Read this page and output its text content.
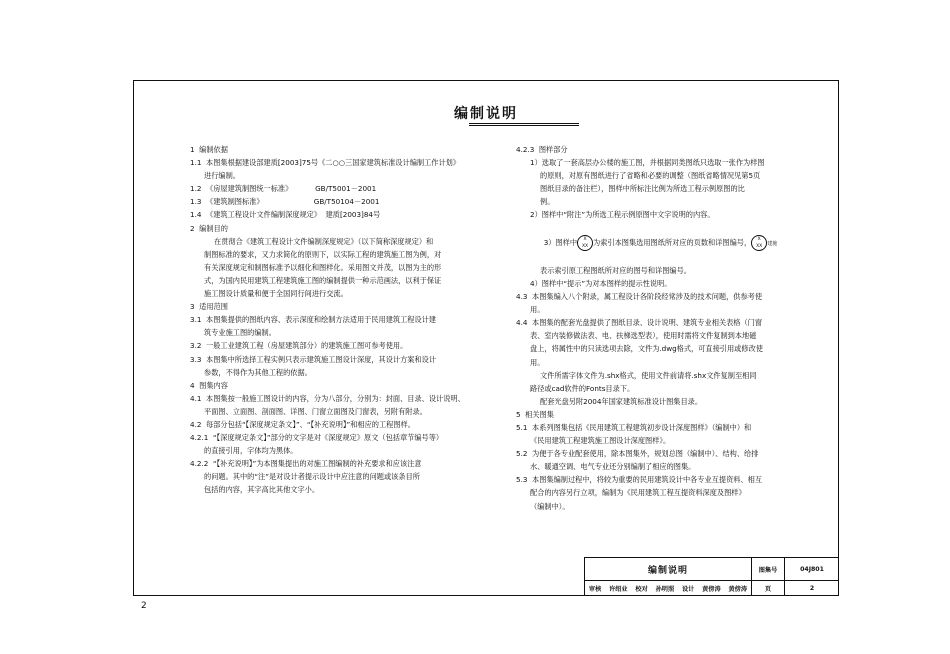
编制说明
1  编制依据
1.1  本图集根据建设部建质[2003]75号《二○○三国家建筑标准设计编制工作计划》
进行编制。
1.2  《房屋建筑制图统一标准》          GB/T5001－2001
1.3  《建筑制图标准》                      GB/T50104－2001
1.4  《建筑工程设计文件编制深度规定》  建质[2003]84号
2  编制目的
在贯彻合《建筑工程设计文件编制深度规定》（以下简称深度规定）和
制图标准的要求，又力求简化的原则下，以实际工程的建筑施工图为例，对
有关深度规定和制图标准予以细化和图样化。采用图文并茂，以图为主的形
式，为国内民用建筑工程建筑施工图的编制提供一种示范画法，以利于保证
施工图设计质量和便于全国同行间进行交流。
3  适用范围
3.1  本图集提供的图纸内容、表示深度和绘制方法适用于民用建筑工程设计建
筑专业施工图的编制。
3.2  一般工业建筑工程（房屋建筑部分）的建筑施工图可参考使用。
3.3  本图集中所选择工程实例只表示建筑施工图设计深度，其设计方案和设计
参数，不得作为其他工程的依据。
4  图集内容
4.1  本图集按一般施工图设计的内容，分为八部分，分别为：封面、目录、设计说明、
平面图、立面图、剖面图、详图、门窗立面图及门窗表，另附有附录。
4.2  每部分包括“【深度规定条文】”、“【补充说明】”和相应的工程图样。
4.2.1  “【深度规定条文】”部分的文字是对《深度规定》原文（包括章节编号等）
的直接引用，字体均为黑体。
4.2.2  “【补充说明】”为本图集提出的对施工图编制的补充要求和应该注意
的问题。其中的“注”是对设计者提示设计中应注意的问题或该条目所
包括的内容，其字高比其他文字小。
4.2.3  图样部分
1）选取了一套高层办公楼的施工图，并根据同类图纸只选取一张作为样图
的原则，对原有图纸进行了省略和必要的调整（图纸省略情况见第5页
图纸目录的备注栏），图样中所标注比例为所选工程示例原图的比
例。
2）图样中“附注”为所选工程示例原图中文字说明的内容。

3）图样中 X
XX 为索引本图集选用图纸所对应的页数和详图编号， X
XX 建施

表示索引原工程图纸所对应的图号和详图编号。
4）图样中“提示”为对本图样的提示性说明。
4.3  本图集编入八个附录，属工程设计各阶段经常涉及的技术问题，供参考使
用。
4.4  本图集的配套光盘提供了图纸目录、设计说明、建筑专业相关表格（门窗
表、室内装修做法表、电、扶梯选型表），使用时需将文件复制到本地磁
盘上，将属性中的只读选项去除，文件为.dwg格式，可直接引用或修改使
用。
文件所需字体文件为.shx格式，使用文件前请将.shx文件复制至相同
路径或cad软件的Fonts目录下。
配套光盘另附2004年国家建筑标准设计图集目录。
5  相关图集
5.1  本系列图集包括《民用建筑工程建筑初步设计深度图样》（编制中）和
《民用建筑工程建筑施工图设计深度图样》。
5.2  为便于各专业配套使用，除本图集外，规划总图（编制中）、结构、给排
水、暖通空调、电气专业还分别编制了相应的图集。
5.3  本图集编制过程中，将较为重要的民用建筑设计中各专业互提资料、相互
配合的内容另行立项，编制为《民用建筑工程互提资料深度及图样》
（编制中）。
编制说明	图集号	04J801
审核 许绍业 校对 孙明照 设计 黄傍涛 黄傍涛	页	2
2
